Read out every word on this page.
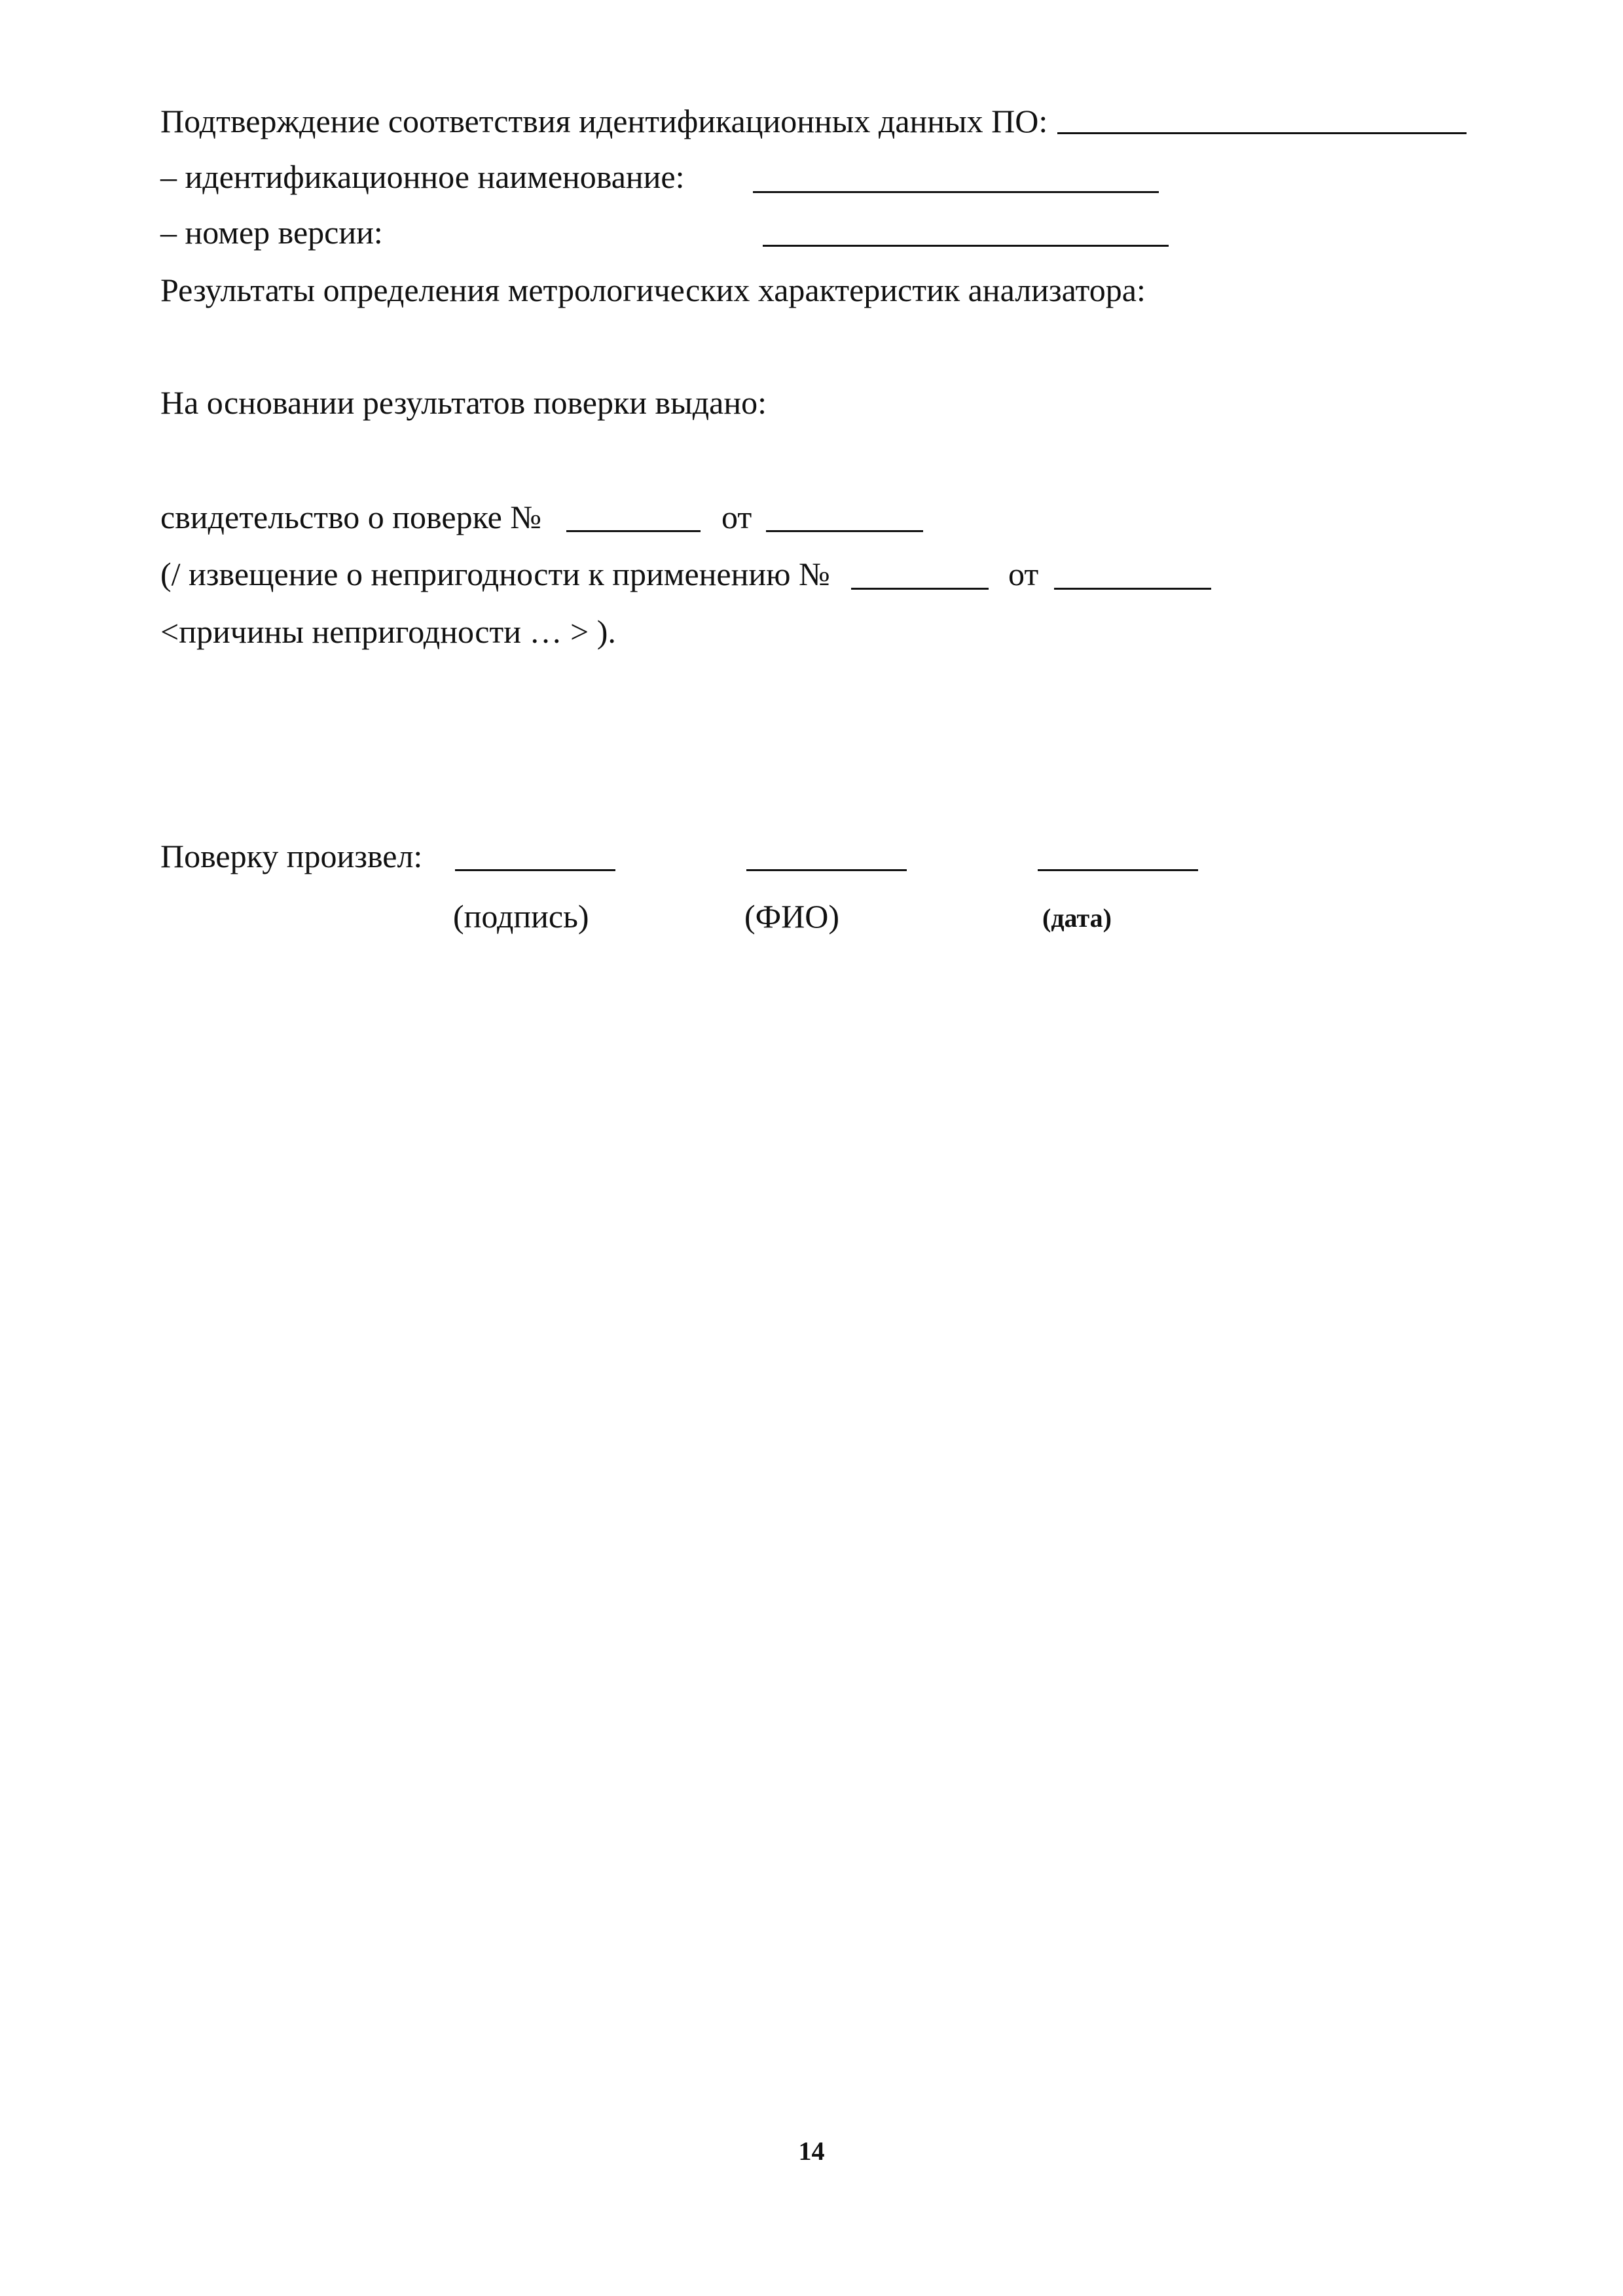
Подтверждение соответствия идентификационных данных ПО:
– идентификационное наименование:
– номер версии:
Результаты определения метрологических характеристик анализатора:
На основании результатов поверки выдано:
свидетельство о поверке №	от
(/ извещение о непригодности к применению №	от
<причины непригодности … > ).
Поверку произвел:
(подпись)	(ФИО)	(дата)
14
